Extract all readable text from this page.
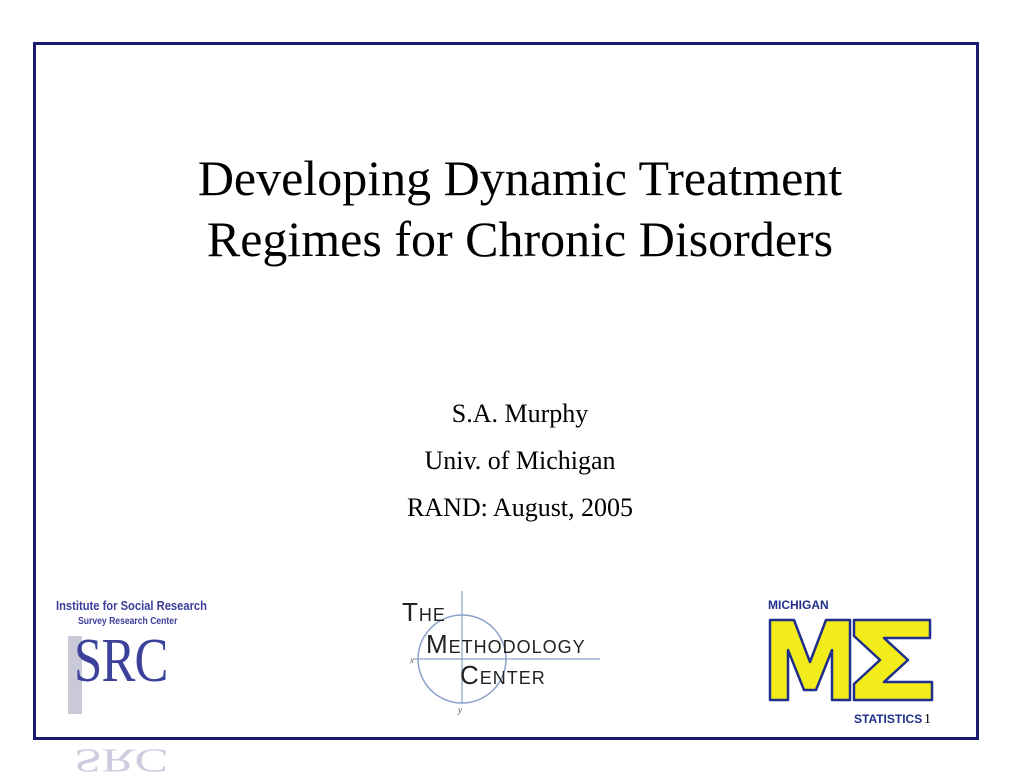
Developing Dynamic Treatment
Regimes for Chronic Disorders
S.A. Murphy
Univ. of Michigan
RAND: August, 2005
Institute for Social Research
Survey Research Center
SRC
SRC	x
y
THE
METHODOLOGY
CENTER
MICHIGAN
STATISTICS 1
